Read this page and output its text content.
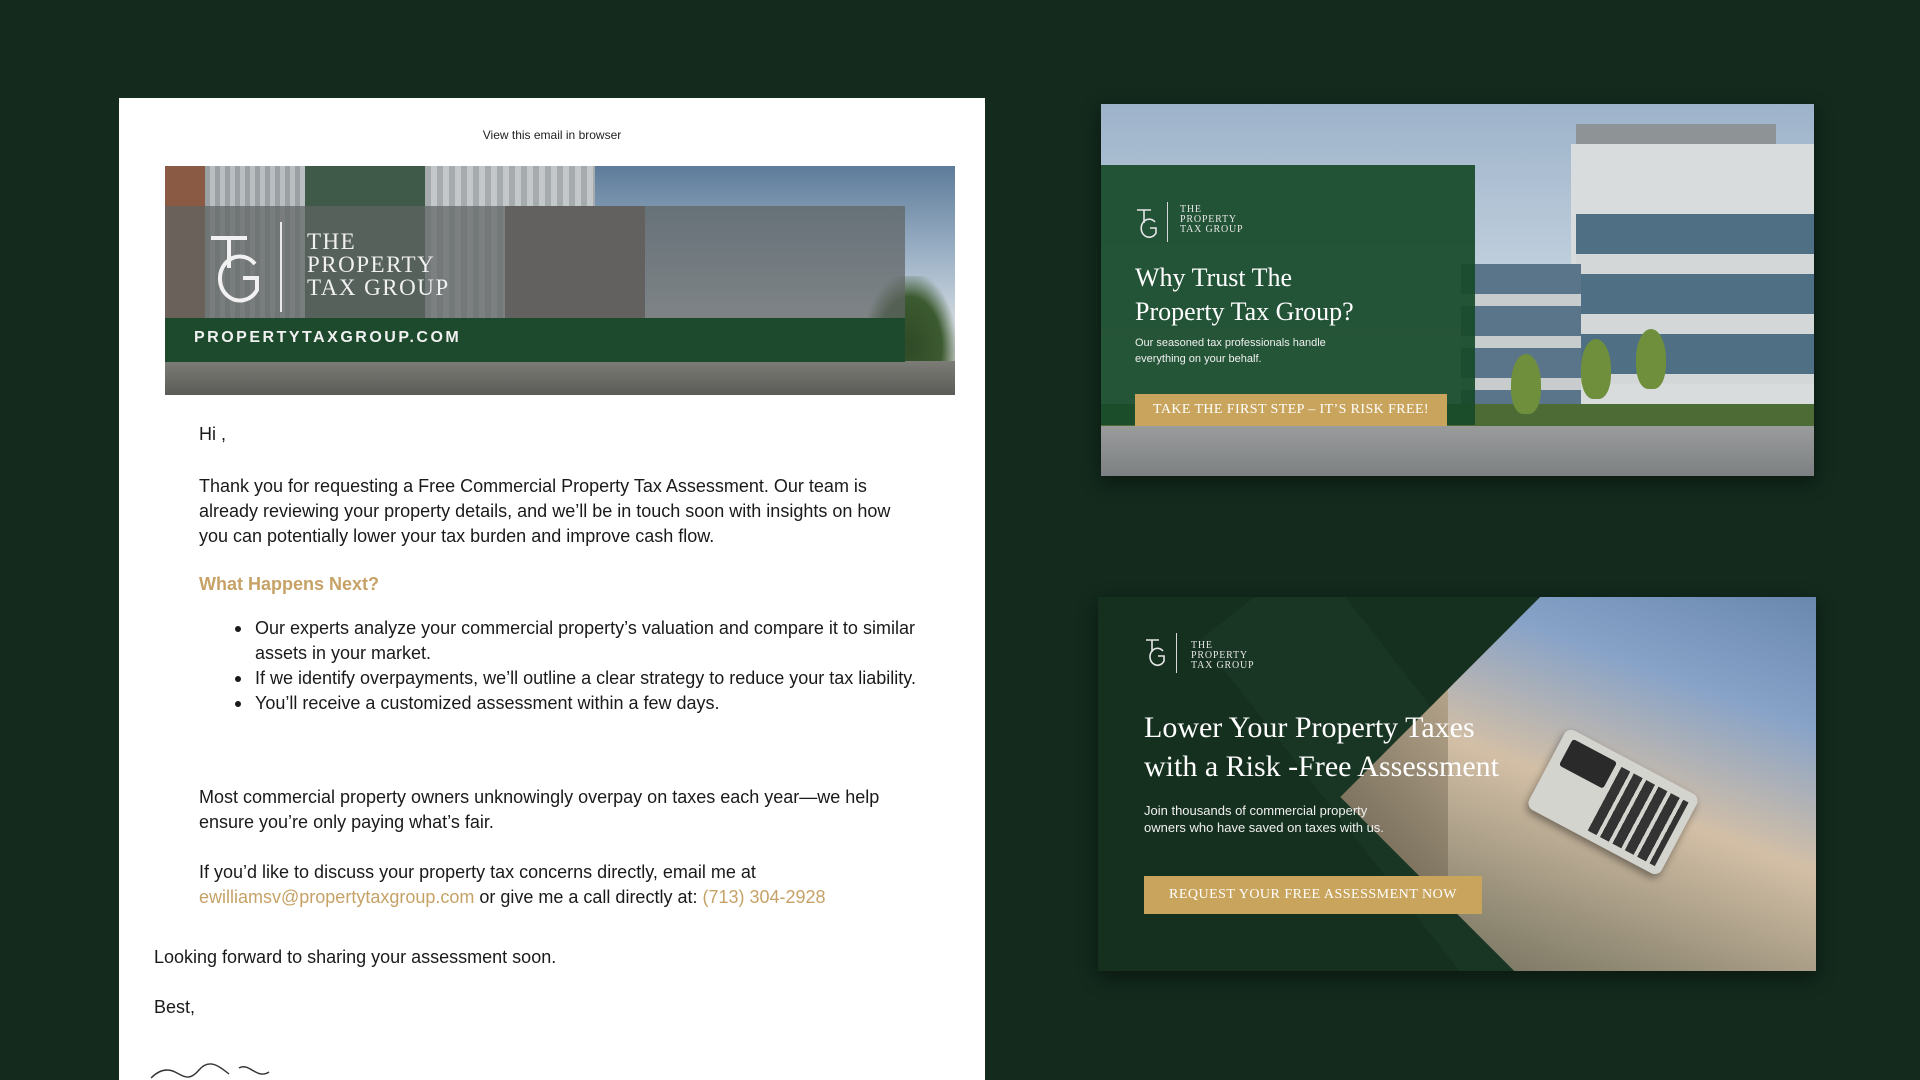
View this email in browser
THE
PROPERTY
TAX GROUP
PROPERTYTAXGROUP.COM
Hi ,

Thank you for requesting a Free Commercial Property Tax Assessment. Our team is already reviewing your property details, and we’ll be in touch soon with insights on how you can potentially lower your tax burden and improve cash flow.

What Happens Next?
Our experts analyze your commercial property’s valuation and compare it to similar assets in your market.
If we identify overpayments, we’ll outline a clear strategy to reduce your tax liability.
You’ll receive a customized assessment within a few days.

Most commercial property owners unknowingly overpay on taxes each year—we help ensure you’re only paying what’s fair.

If you’d like to discuss your property tax concerns directly, email me at
ewilliamsv@propertytaxgroup.com or give me a call directly at: (713) 304-2928

Looking forward to sharing your assessment soon.
Best,
THE
PROPERTY
TAX GROUP
Why Trust The
Property Tax Group?
Our seasoned tax professionals handle
everything on your behalf.
TAKE THE FIRST STEP – IT’S RISK FREE!
THE
PROPERTY
TAX GROUP
Lower Your Property Taxes
with a Risk -Free Assessment
Join thousands of commercial property
owners who have saved on taxes with us.
REQUEST YOUR FREE ASSESSMENT NOW
